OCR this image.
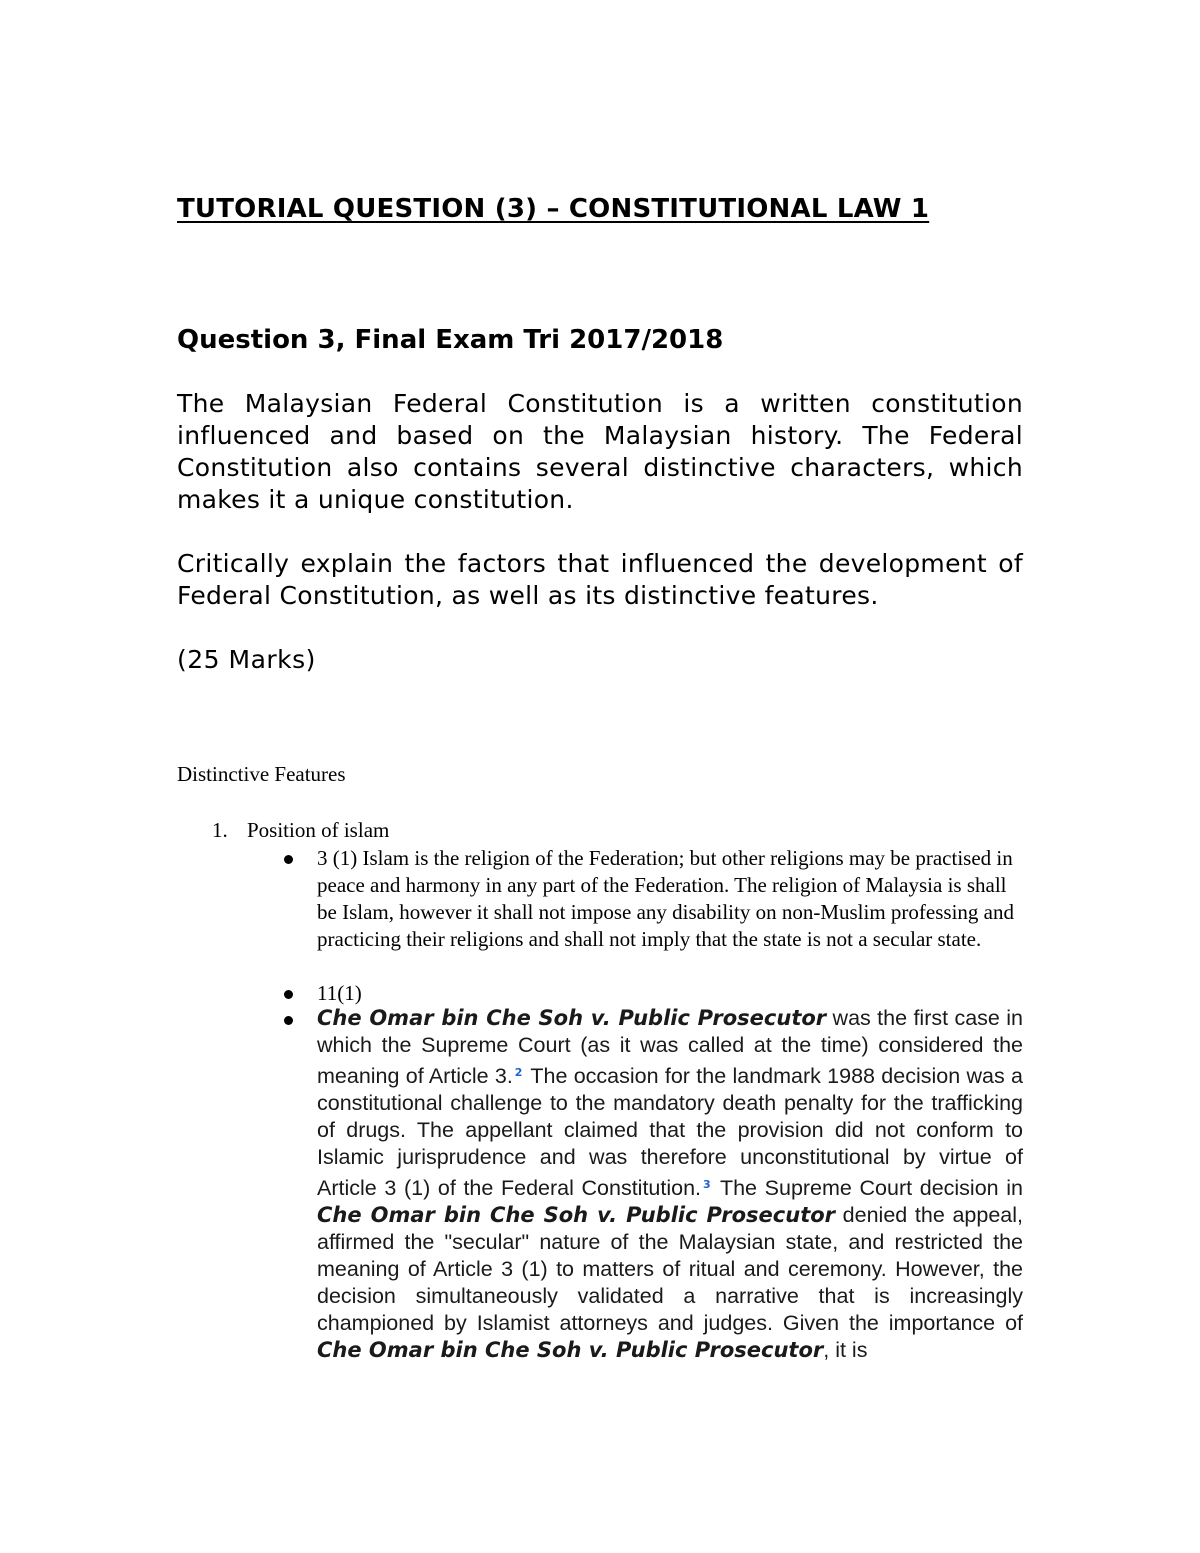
TUTORIAL QUESTION (3) – CONSTITUTIONAL LAW 1
Question 3, Final Exam Tri 2017/2018

The Malaysian Federal Constitution is a written constitution influenced and based on the Malaysian history. The Federal Constitution also contains several distinctive characters, which makes it a unique constitution.

Critically explain the factors that influenced the development of Federal Constitution, as well as its distinctive features.

(25 Marks)

Distinctive Features

1. Position of islam

3 (1) Islam is the religion of the Federation; but other religions may be practised in peace and harmony in any part of the Federation. The religion of Malaysia is shall be Islam, however it shall not impose any disability on non-Muslim professing and practicing their religions and shall not imply that the state is not a secular state.

11(1)

Che Omar bin Che Soh v. Public Prosecutor was the first case in which the Supreme Court (as it was called at the time) considered the meaning of Article 3. $^2$ The occasion for the landmark 1988 decision was a constitutional challenge to the mandatory death penalty for the trafficking of drugs. The appellant claimed that the provision did not conform to Islamic jurisprudence and was therefore unconstitutional by virtue of Article 3 (1) of the Federal Constitution. $^3$ The Supreme Court decision in Che Omar bin Che Soh v. Public Prosecutor denied the appeal, affirmed the "secular" nature of the Malaysian state, and restricted the meaning of Article 3 (1) to matters of ritual and ceremony. However, the decision simultaneously validated a narrative that is increasingly championed by Islamist attorneys and judges. Given the importance of Che Omar bin Che Soh v. Public Prosecutor, it is
